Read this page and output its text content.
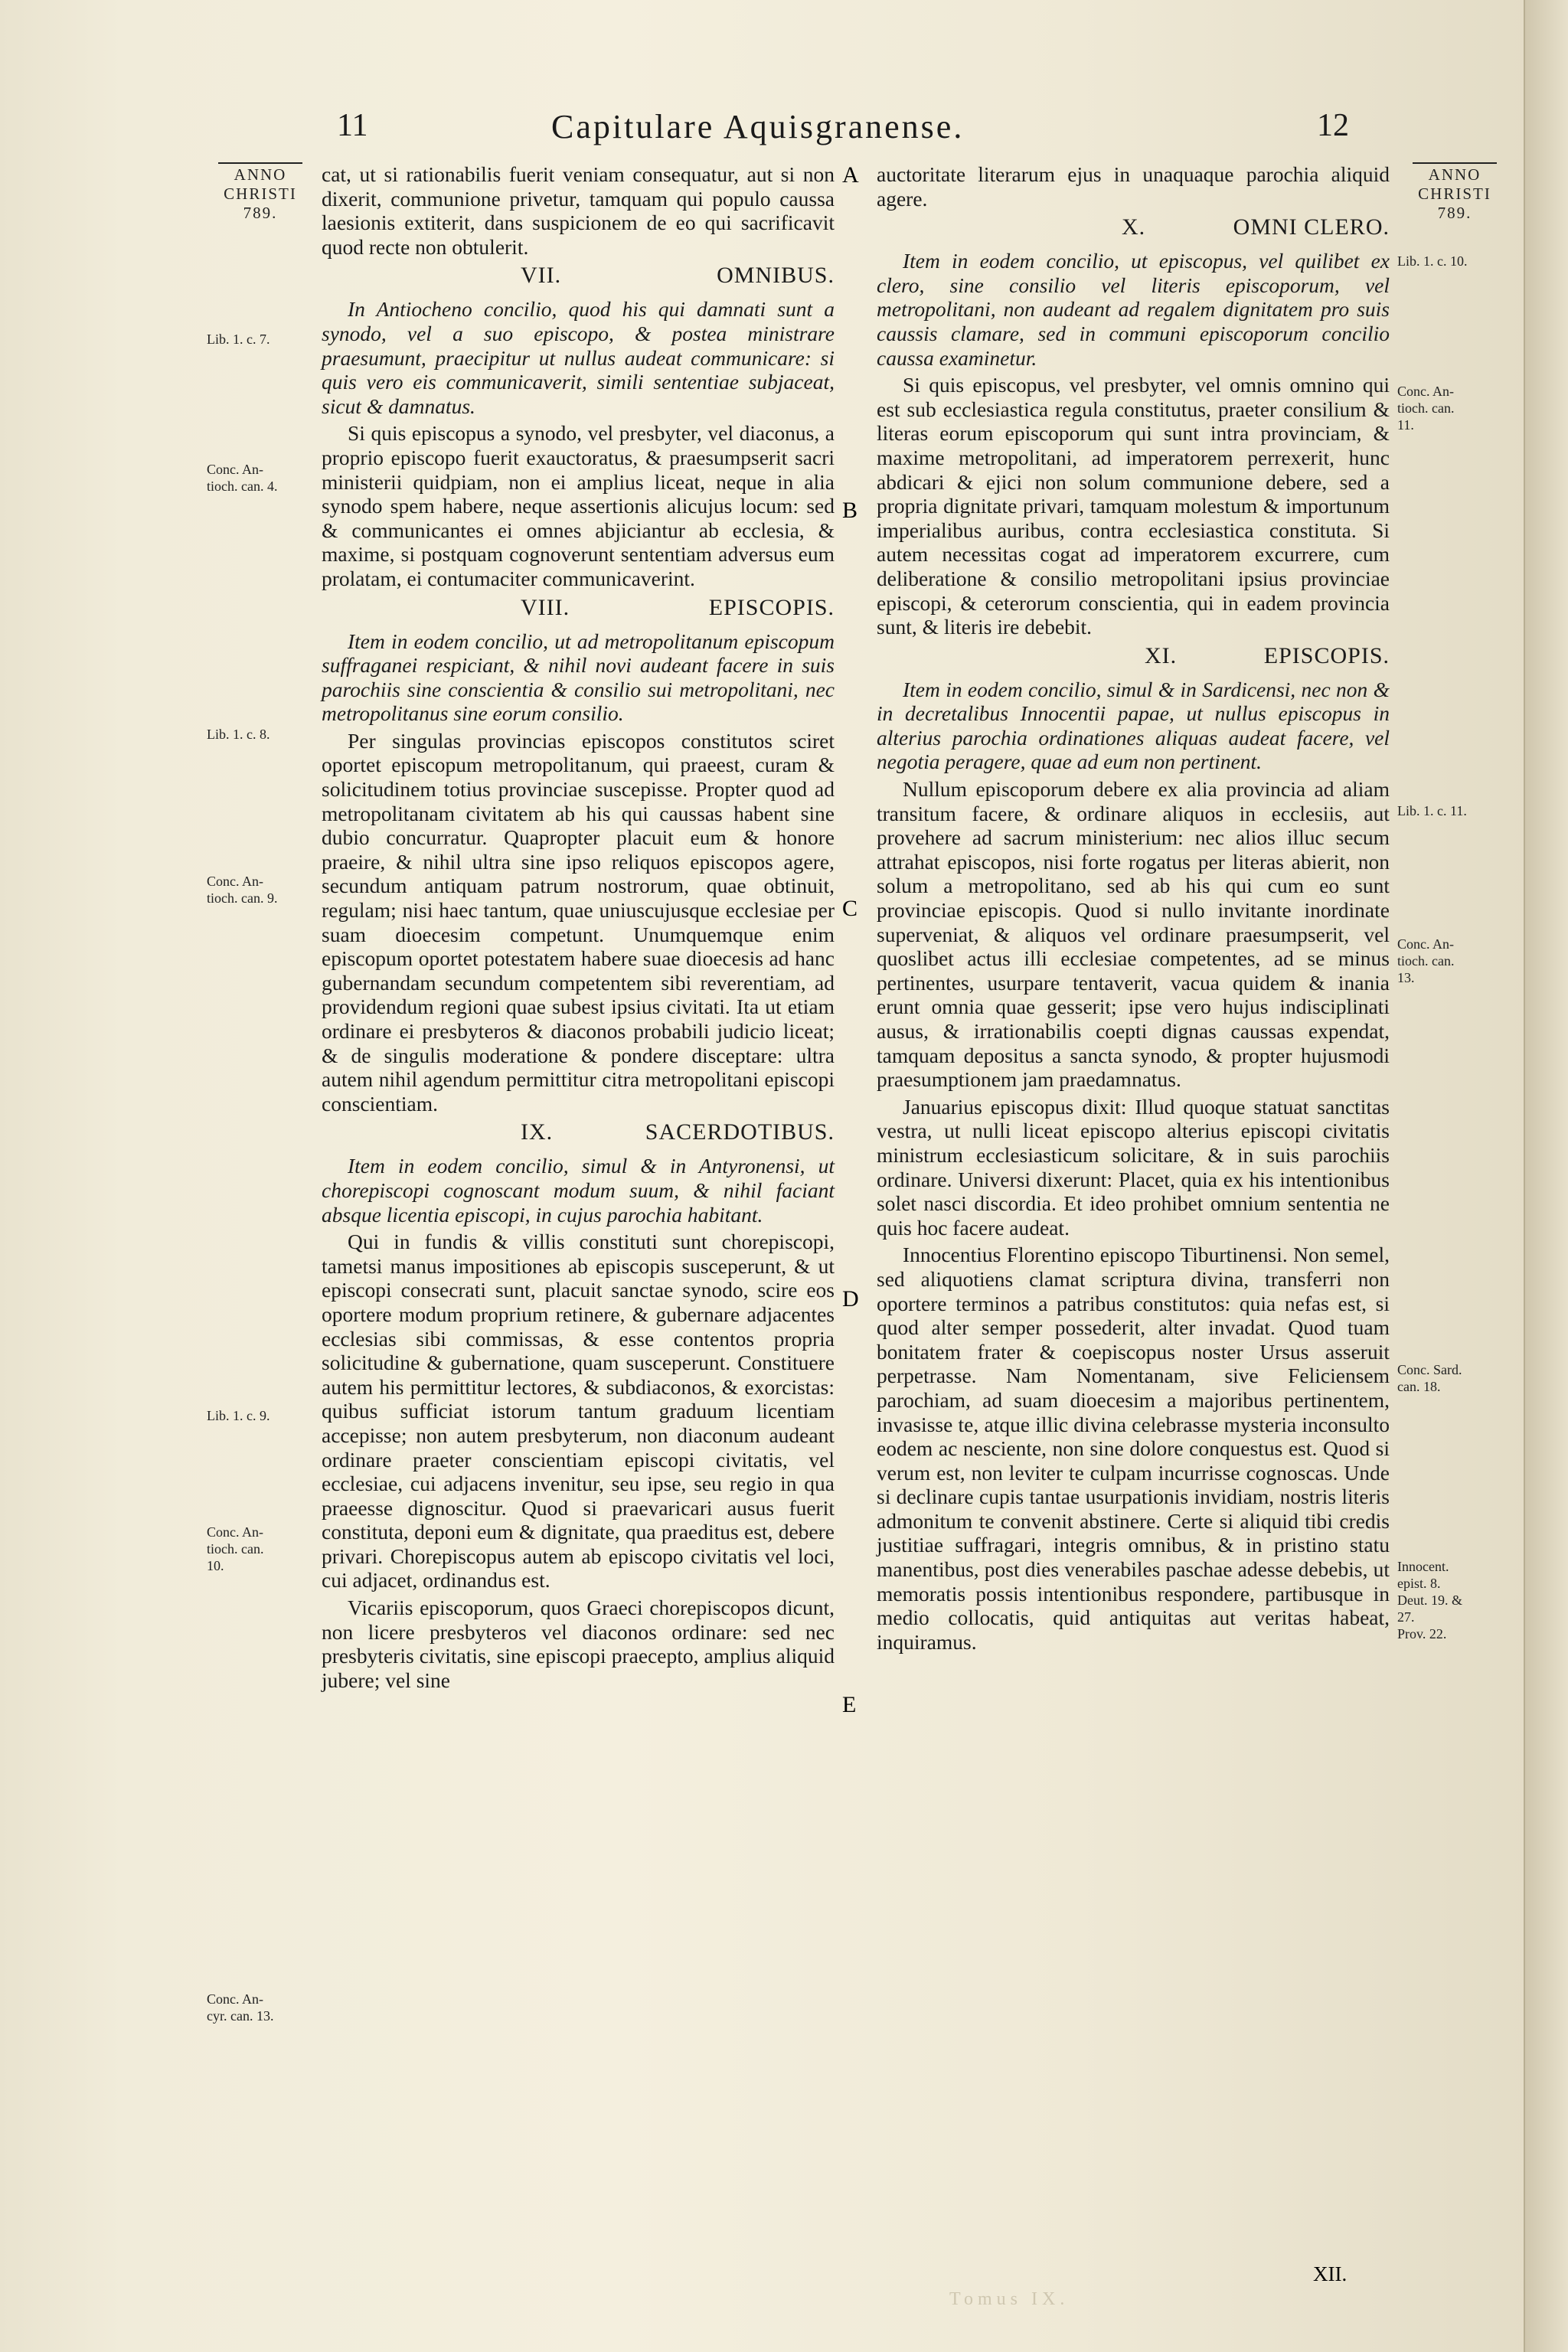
11	Capitulare Aquisgranense.	12
ANNO
CHRISTI
789.
Lib. 1. c. 7.
Conc. An-
tioch. can. 4.
Lib. 1. c. 8.
Conc. An-
tioch. can. 9.
Lib. 1. c. 9.
Conc. An-
tioch. can.
10.
Conc. An-
cyr. can. 13.
ANNO
CHRISTI
789.
Lib. 1. c. 10.
Conc. An-
tioch. can.
11.
Lib. 1. c. 11.
Conc. An-
tioch. can.
13.
Conc. Sard.
can. 18.
Innocent.
epist. 8.
Deut. 19. &
27.
Prov. 22.
A
B
C
D
E

cat, ut si rationabilis fuerit veniam consequatur, aut si non dixerit, communione privetur, tamquam qui populo caussa laesionis extiterit, dans suspicionem de eo qui sacrificavit quod recte non obtulerit.

VII.	OMNIBUS.

In Antiocheno concilio, quod his qui damnati sunt a synodo, vel a suo episcopo, & postea ministrare praesumunt, praecipitur ut nullus audeat communicare: si quis vero eis communicaverit, simili sententiae subjaceat, sicut & damnatus.

Si quis episcopus a synodo, vel presbyter, vel diaconus, a proprio episcopo fuerit exauctoratus, & praesumpserit sacri ministerii quidpiam, non ei amplius liceat, neque in alia synodo spem habere, neque assertionis alicujus locum: sed & communicantes ei omnes abjiciantur ab ecclesia, & maxime, si postquam cognoverunt sententiam adversus eum prolatam, ei contumaciter communicaverint.

VIII.	EPISCOPIS.

Item in eodem concilio, ut ad metropolitanum episcopum suffraganei respiciant, & nihil novi audeant facere in suis parochiis sine conscientia & consilio sui metropolitani, nec metropolitanus sine eorum consilio.

Per singulas provincias episcopos constitutos sciret oportet episcopum metropolitanum, qui praeest, curam & solicitudinem totius provinciae suscepisse. Propter quod ad metropolitanam civitatem ab his qui caussas habent sine dubio concurratur. Quapropter placuit eum & honore praeire, & nihil ultra sine ipso reliquos episcopos agere, secundum antiquam patrum nostrorum, quae obtinuit, regulam; nisi haec tantum, quae uniuscujusque ecclesiae per suam dioecesim competunt. Unumquemque enim episcopum oportet potestatem habere suae dioecesis ad hanc gubernandam secundum competentem sibi reverentiam, ad providendum regioni quae subest ipsius civitati. Ita ut etiam ordinare ei presbyteros & diaconos probabili judicio liceat; & de singulis moderatione & pondere disceptare: ultra autem nihil agendum permittitur citra metropolitani episcopi conscientiam.

IX.	SACERDOTIBUS.

Item in eodem concilio, simul & in Antyronensi, ut chorepiscopi cognoscant modum suum, & nihil faciant absque licentia episcopi, in cujus parochia habitant.

Qui in fundis & villis constituti sunt chorepiscopi, tametsi manus impositiones ab episcopis susceperunt, & ut episcopi consecrati sunt, placuit sanctae synodo, scire eos oportere modum proprium retinere, & gubernare adjacentes ecclesias sibi commissas, & esse contentos propria solicitudine & gubernatione, quam susceperunt. Constituere autem his permittitur lectores, & subdiaconos, & exorcistas: quibus sufficiat istorum tantum graduum licentiam accepisse; non autem presbyterum, non diaconum audeant ordinare praeter conscientiam episcopi civitatis, vel ecclesiae, cui adjacens invenitur, seu ipse, seu regio in qua praeesse dignoscitur. Quod si praevaricari ausus fuerit constituta, deponi eum & dignitate, qua praeditus est, debere privari. Chorepiscopus autem ab episcopo civitatis vel loci, cui adjacet, ordinandus est.

Vicariis episcoporum, quos Graeci chorepiscopos dicunt, non licere presbyteros vel diaconos ordinare: sed nec presbyteris civitatis, sine episcopi praecepto, amplius aliquid jubere; vel sine

auctoritate literarum ejus in unaquaque parochia aliquid agere.

X.	OMNI CLERO.

Item in eodem concilio, ut episcopus, vel quilibet ex clero, sine consilio vel literis episcoporum, vel metropolitani, non audeant ad regalem dignitatem pro suis caussis clamare, sed in communi episcoporum concilio caussa examinetur.

Si quis episcopus, vel presbyter, vel omnis omnino qui est sub ecclesiastica regula constitutus, praeter consilium & literas eorum episcoporum qui sunt intra provinciam, & maxime metropolitani, ad imperatorem perrexerit, hunc abdicari & ejici non solum communione debere, sed a propria dignitate privari, tamquam molestum & importunum imperialibus auribus, contra ecclesiastica constituta. Si autem necessitas cogat ad imperatorem excurrere, cum deliberatione & consilio metropolitani ipsius provinciae episcopi, & ceterorum conscientia, qui in eadem provincia sunt, & literis ire debebit.

XI.	EPISCOPIS.

Item in eodem concilio, simul & in Sardicensi, nec non & in decretalibus Innocentii papae, ut nullus episcopus in alterius parochia ordinationes aliquas audeat facere, vel negotia peragere, quae ad eum non pertinent.

Nullum episcoporum debere ex alia provincia ad aliam transitum facere, & ordinare aliquos in ecclesiis, aut provehere ad sacrum ministerium: nec alios illuc secum attrahat episcopos, nisi forte rogatus per literas abierit, non solum a metropolitano, sed ab his qui cum eo sunt provinciae episcopis. Quod si nullo invitante inordinate superveniat, & aliquos vel ordinare praesumpserit, vel quoslibet actus illi ecclesiae competentes, ad se minus pertinentes, usurpare tentaverit, vacua quidem & inania erunt omnia quae gesserit; ipse vero hujus indisciplinati ausus, & irrationabilis coepti dignas caussas expendat, tamquam depositus a sancta synodo, & propter hujusmodi praesumptionem jam praedamnatus.

Januarius episcopus dixit: Illud quoque statuat sanctitas vestra, ut nulli liceat episcopo alterius episcopi civitatis ministrum ecclesiasticum solicitare, & in suis parochiis ordinare. Universi dixerunt: Placet, quia ex his intentionibus solet nasci discordia. Et ideo prohibet omnium sententia ne quis hoc facere audeat.

Innocentius Florentino episcopo Tiburtinensi. Non semel, sed aliquotiens clamat scriptura divina, transferri non oportere terminos a patribus constitutos: quia nefas est, si quod alter semper possederit, alter invadat. Quod tuam bonitatem frater & coepiscopus noster Ursus asseruit perpetrasse. Nam Nomentanam, sive Feliciensem parochiam, ad suam dioecesim a majoribus pertinentem, invasisse te, atque illic divina celebrasse mysteria inconsulto eodem ac nesciente, non sine dolore conquestus est. Quod si verum est, non leviter te culpam incurrisse cognoscas. Unde si declinare cupis tantae usurpationis invidiam, nostris literis admonitum te convenit abstinere. Certe si aliquid tibi credis justitiae suffragari, integris omnibus, & in pristino statu manentibus, post dies venerabiles paschae adesse debebis, ut memoratis possis intentionibus respondere, partibusque in medio collocatis, quid antiquitas aut veritas habeat, inquiramus.

Tomus IX.
XII.
